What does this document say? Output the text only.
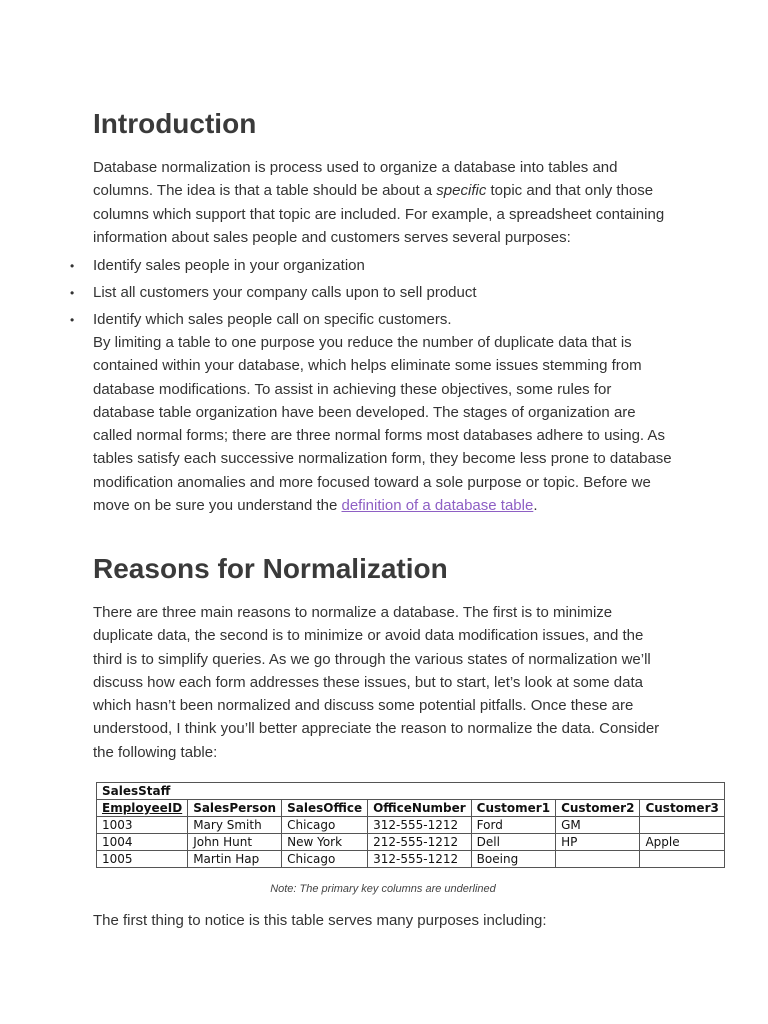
Introduction

Database normalization is process used to organize a database into tables and columns. The idea is that a table should be about a specific topic and that only those columns which support that topic are included. For example, a spreadsheet containing information about sales people and customers serves several purposes:

• Identify sales people in your organization
• List all customers your company calls upon to sell product
• Identify which sales people call on specific customers.

By limiting a table to one purpose you reduce the number of duplicate data that is contained within your database, which helps eliminate some issues stemming from database modifications. To assist in achieving these objectives, some rules for database table organization have been developed. The stages of organization are called normal forms; there are three normal forms most databases adhere to using. As tables satisfy each successive normalization form, they become less prone to database modification anomalies and more focused toward a sole purpose or topic. Before we move on be sure you understand the definition of a database table.

Reasons for Normalization

There are three main reasons to normalize a database. The first is to minimize duplicate data, the second is to minimize or avoid data modification issues, and the third is to simplify queries. As we go through the various states of normalization we’ll discuss how each form addresses these issues, but to start, let’s look at some data which hasn’t been normalized and discuss some potential pitfalls. Once these are understood, I think you’ll better appreciate the reason to normalize the data. Consider the following table:

SalesStaff						
EmployeeID	SalesPerson	SalesOffice	OfficeNumber	Customer1	Customer2	Customer3
1003	Mary Smith	Chicago	312-555-1212	Ford	GM	
1004	John Hunt	New York	212-555-1212	Dell	HP	Apple
1005	Martin Hap	Chicago	312-555-1212	Boeing		
Note: The primary key columns are underlined

The first thing to notice is this table serves many purposes including:
